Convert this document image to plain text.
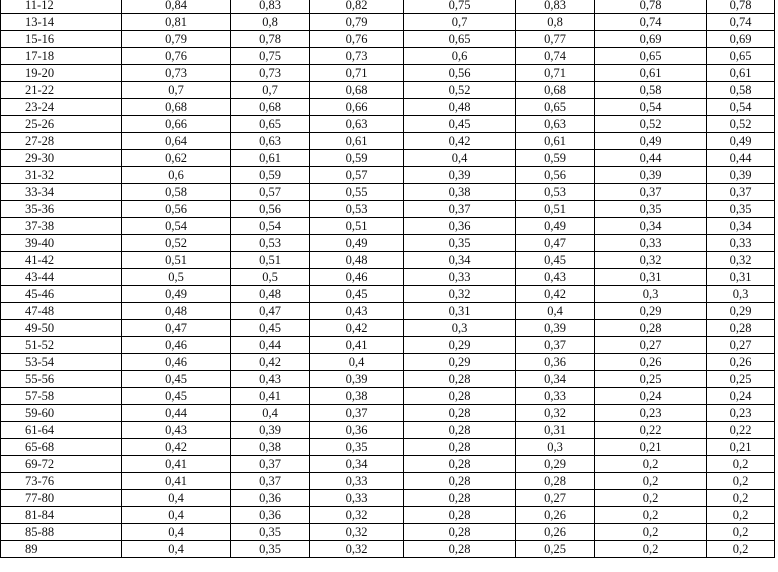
11-12	0,84	0,83	0,82	0,75	0,83	0,78	0,78
13-14	0,81	0,8	0,79	0,7	0,8	0,74	0,74
15-16	0,79	0,78	0,76	0,65	0,77	0,69	0,69
17-18	0,76	0,75	0,73	0,6	0,74	0,65	0,65
19-20	0,73	0,73	0,71	0,56	0,71	0,61	0,61
21-22	0,7	0,7	0,68	0,52	0,68	0,58	0,58
23-24	0,68	0,68	0,66	0,48	0,65	0,54	0,54
25-26	0,66	0,65	0,63	0,45	0,63	0,52	0,52
27-28	0,64	0,63	0,61	0,42	0,61	0,49	0,49
29-30	0,62	0,61	0,59	0,4	0,59	0,44	0,44
31-32	0,6	0,59	0,57	0,39	0,56	0,39	0,39
33-34	0,58	0,57	0,55	0,38	0,53	0,37	0,37
35-36	0,56	0,56	0,53	0,37	0,51	0,35	0,35
37-38	0,54	0,54	0,51	0,36	0,49	0,34	0,34
39-40	0,52	0,53	0,49	0,35	0,47	0,33	0,33
41-42	0,51	0,51	0,48	0,34	0,45	0,32	0,32
43-44	0,5	0,5	0,46	0,33	0,43	0,31	0,31
45-46	0,49	0,48	0,45	0,32	0,42	0,3	0,3
47-48	0,48	0,47	0,43	0,31	0,4	0,29	0,29
49-50	0,47	0,45	0,42	0,3	0,39	0,28	0,28
51-52	0,46	0,44	0,41	0,29	0,37	0,27	0,27
53-54	0,46	0,42	0,4	0,29	0,36	0,26	0,26
55-56	0,45	0,43	0,39	0,28	0,34	0,25	0,25
57-58	0,45	0,41	0,38	0,28	0,33	0,24	0,24
59-60	0,44	0,4	0,37	0,28	0,32	0,23	0,23
61-64	0,43	0,39	0,36	0,28	0,31	0,22	0,22
65-68	0,42	0,38	0,35	0,28	0,3	0,21	0,21
69-72	0,41	0,37	0,34	0,28	0,29	0,2	0,2
73-76	0,41	0,37	0,33	0,28	0,28	0,2	0,2
77-80	0,4	0,36	0,33	0,28	0,27	0,2	0,2
81-84	0,4	0,36	0,32	0,28	0,26	0,2	0,2
85-88	0,4	0,35	0,32	0,28	0,26	0,2	0,2
89	0,4	0,35	0,32	0,28	0,25	0,2	0,2
